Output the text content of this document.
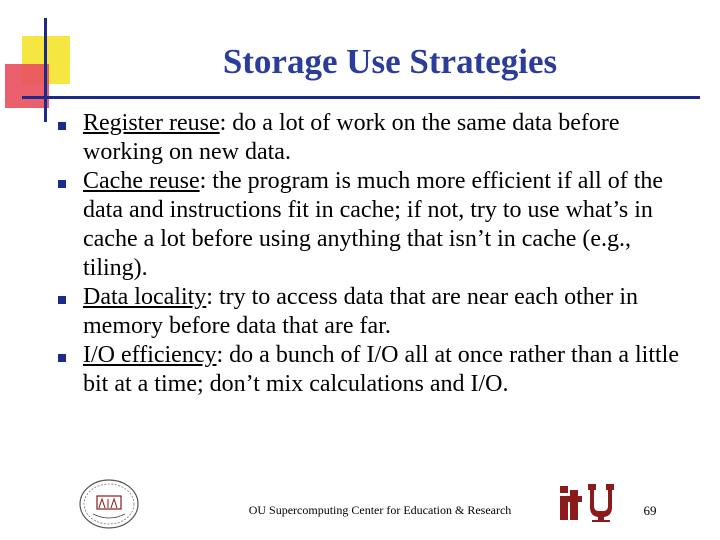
Storage Use Strategies
Register reuse: do a lot of work on the same data before working on new data.
Cache reuse: the program is much more efficient if all of the data and instructions fit in cache; if not, try to use what’s in cache a lot before using anything that isn’t in cache (e.g., tiling).
Data locality: try to access data that are near each other in memory before data that are far.
I/O efficiency: do a bunch of I/O all at once rather than a little bit at a time; don’t mix calculations and I/O.
OU Supercomputing Center for Education & Research	69
